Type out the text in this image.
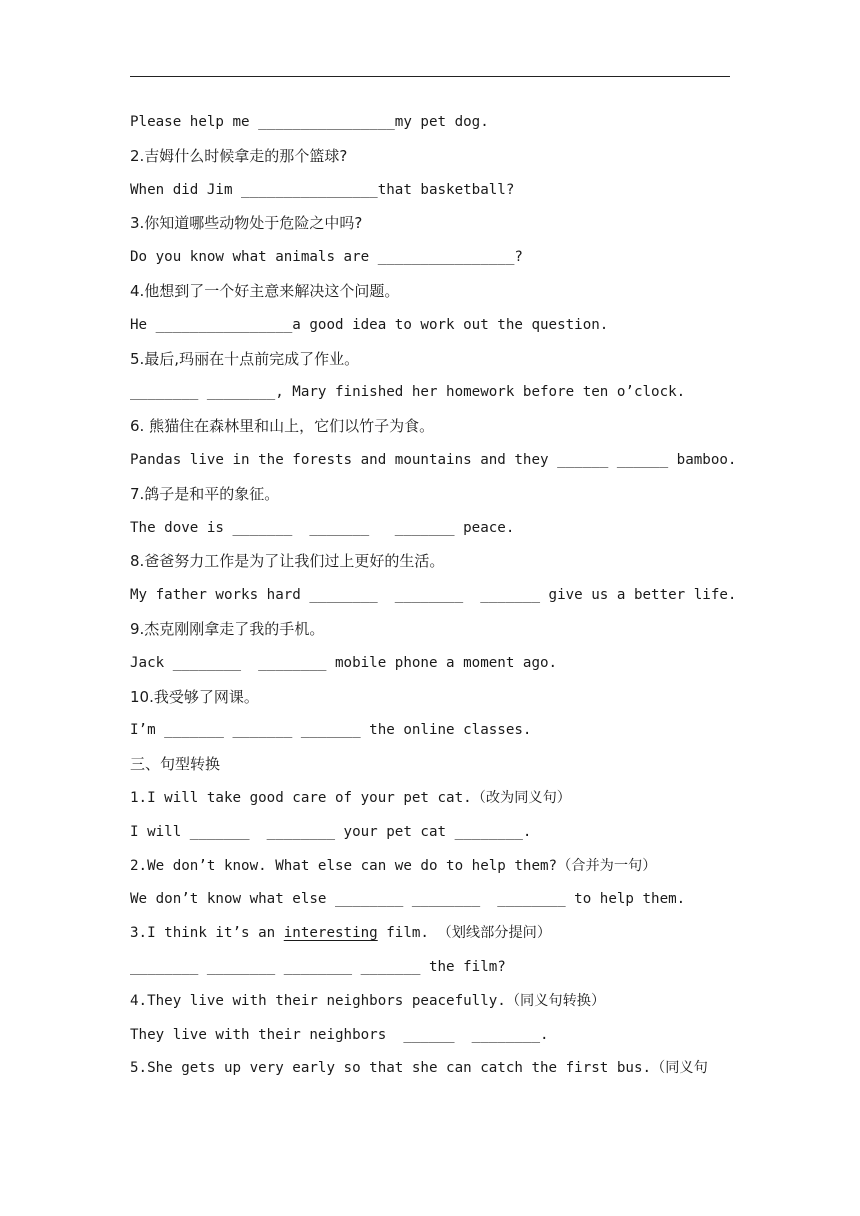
Please help me ________________my pet dog.
2.吉姆什么时候拿走的那个篮球?
When did Jim ________________that basketball?
3.你知道哪些动物处于危险之中吗?
Do you know what animals are ________________?
4.他想到了一个好主意来解决这个问题。
He ________________a good idea to work out the question.
5.最后,玛丽在十点前完成了作业。
________ ________, Mary finished her homework before ten o’clock.
6. 熊猫住在森林里和山上，它们以竹子为食。
Pandas live in the forests and mountains and they ______ ______ bamboo.
7.鸽子是和平的象征。
The dove is _______  _______   _______ peace.
8.爸爸努力工作是为了让我们过上更好的生活。
My father works hard ________  ________  _______ give us a better life.
9.杰克刚刚拿走了我的手机。
Jack ________  ________ mobile phone a moment ago.
10.我受够了网课。
I’m _______ _______ _______ the online classes.
三、句型转换
1.I will take good care of your pet cat.（改为同义句）
I will _______  ________ your pet cat ________.
2.We don’t know. What else can we do to help them?（合并为一句）
We don’t know what else ________ ________  ________ to help them.
3.I think it’s an interesting film. （划线部分提问）
________ ________ ________ _______ the film?
4.They live with their neighbors peacefully.（同义句转换）
They live with their neighbors  ______  ________.
5.She gets up very early so that she can catch the first bus.（同义句
